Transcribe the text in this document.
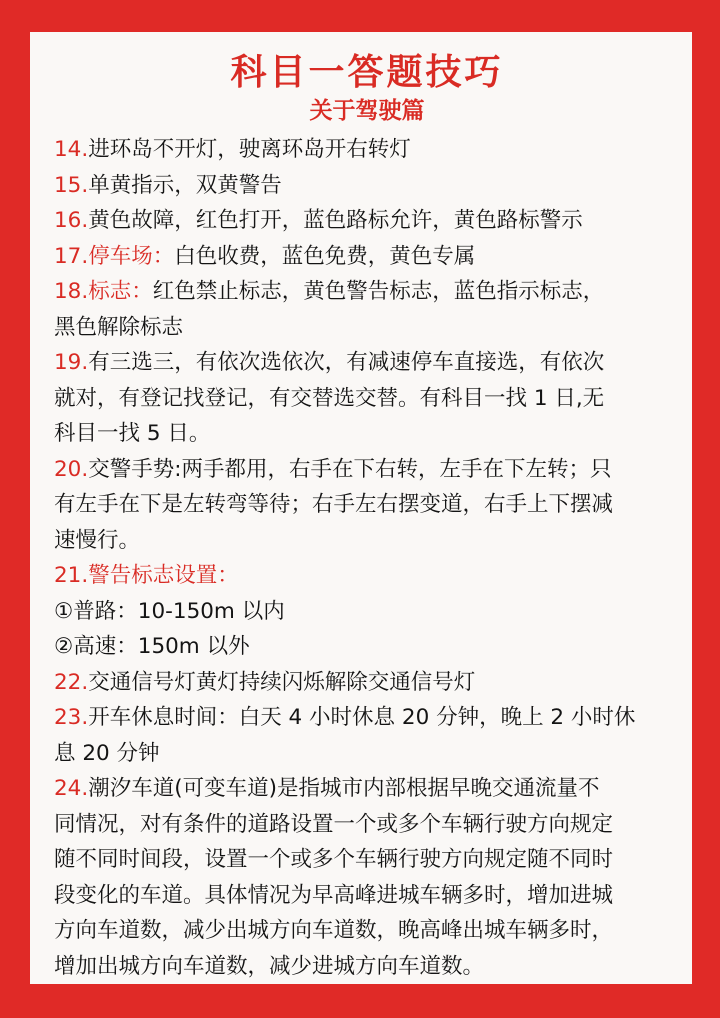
科目一答题技巧
关于驾驶篇
14.进环岛不开灯，驶离环岛开右转灯
15.单黄指示，双黄警告
16.黄色故障，红色打开，蓝色路标允许，黄色路标警示
17.停车场：白色收费，蓝色免费，黄色专属
18.标志：红色禁止标志，黄色警告标志，蓝色指示标志，
黑色解除标志
19.有三选三，有依次选依次，有减速停车直接选，有依次
就对，有登记找登记，有交替选交替。有科目一找 1 日,无
科目一找 5 日。
20.交警手势:两手都用，右手在下右转，左手在下左转；只
有左手在下是左转弯等待；右手左右摆变道，右手上下摆减
速慢行。
21.警告标志设置：
①普路：10-150m 以内
②高速：150m 以外
22.交通信号灯黄灯持续闪烁解除交通信号灯
23.开车休息时间：白天 4 小时休息 20 分钟，晚上 2 小时休
息 20 分钟
24.潮汐车道(可变车道)是指城市内部根据早晚交通流量不
同情况，对有条件的道路设置一个或多个车辆行驶方向规定
随不同时间段，设置一个或多个车辆行驶方向规定随不同时
段变化的车道。具体情况为早高峰进城车辆多时，增加进城
方向车道数，减少出城方向车道数，晚高峰出城车辆多时，
增加出城方向车道数，减少进城方向车道数。
